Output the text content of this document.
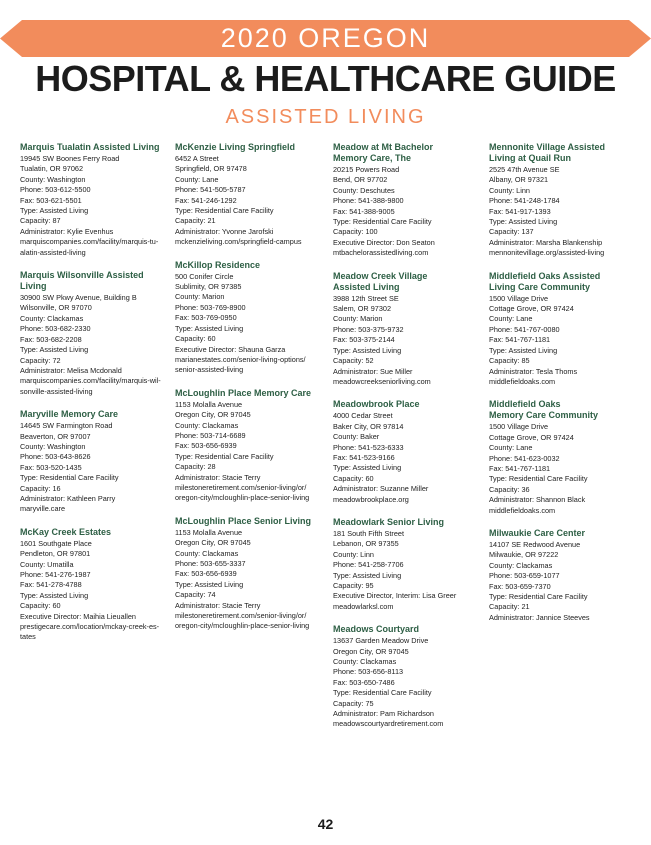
2020 OREGON
HOSPITAL & HEALTHCARE GUIDE
ASSISTED LIVING
Marquis Tualatin Assisted Living
19945 SW Boones Ferry Road
Tualatin, OR 97062
County: Washington
Phone: 503-612-5500
Fax: 503-621-5501
Type: Assisted Living
Capacity: 87
Administrator: Kylie Evenhus
marquiscompanies.com/facility/marquis-tu-
alatin-assisted-living
Marquis Wilsonville Assisted Living
30900 SW Pkwy Avenue, Building B
Wilsonville, OR 97070
County: Clackamas
Phone: 503-682-2330
Fax: 503-682-2208
Type: Assisted Living
Capacity: 72
Administrator: Melisa Mcdonald
marquiscompanies.com/facility/marquis-wil-
sonville-assisted-living
Maryville Memory Care
14645 SW Farmington Road
Beaverton, OR 97007
County: Washington
Phone: 503-643-8626
Fax: 503-520-1435
Type: Residential Care Facility
Capacity: 16
Administrator: Kathleen Parry
maryville.care
McKay Creek Estates
1601 Southgate Place
Pendleton, OR 97801
County: Umatilla
Phone: 541-276-1987
Fax: 541-278-4788
Type: Assisted Living
Capacity: 60
Executive Director: Maihia Lieuallen
prestigecare.com/location/mckay-creek-es-
tates
McKenzie Living Springfield
6452 A Street
Springfield, OR 97478
County: Lane
Phone: 541-505-5787
Fax: 541-246-1292
Type: Residential Care Facility
Capacity: 21
Administrator: Yvonne Jarofski
mckenzieliving.com/springfield-campus
McKillop Residence
500 Conifer Circle
Sublimity, OR 97385
County: Marion
Phone: 503-769-8900
Fax: 503-769-0950
Type: Assisted Living
Capacity: 60
Executive Director: Shauna Garza
marianestates.com/senior-living-options/
senior-assisted-living
McLoughlin Place Memory Care
1153 Molalla Avenue
Oregon City, OR 97045
County: Clackamas
Phone: 503-714-6689
Fax: 503-656-6939
Type: Residential Care Facility
Capacity: 28
Administrator: Stacie Terry
milestoneretirement.com/senior-living/or/
oregon-city/mcloughlin-place-senior-living
McLoughlin Place Senior Living
1153 Molalla Avenue
Oregon City, OR 97045
County: Clackamas
Phone: 503-655-3337
Fax: 503-656-6939
Type: Assisted Living
Capacity: 74
Administrator: Stacie Terry
milestoneretirement.com/senior-living/or/
oregon-city/mcloughlin-place-senior-living
Meadow at Mt Bachelor
Memory Care, The
20215 Powers Road
Bend, OR 97702
County: Deschutes
Phone: 541-388-9800
Fax: 541-388-9005
Type: Residential Care Facility
Capacity: 100
Executive Director: Don Seaton
mtbachelorassistedliving.com
Meadow Creek Village
Assisted Living
3988 12th Street SE
Salem, OR 97302
County: Marion
Phone: 503-375-9732
Fax: 503-375-2144
Type: Assisted Living
Capacity: 52
Administrator: Sue Miller
meadowcreekseniorliving.com
Meadowbrook Place
4000 Cedar Street
Baker City, OR 97814
County: Baker
Phone: 541-523-6333
Fax: 541-523-9166
Type: Assisted Living
Capacity: 60
Administrator: Suzanne Miller
meadowbrookplace.org
Meadowlark Senior Living
181 South Fifth Street
Lebanon, OR 97355
County: Linn
Phone: 541-258-7706
Type: Assisted Living
Capacity: 95
Executive Director, Interim: Lisa Greer
meadowlarksl.com
Meadows Courtyard
13637 Garden Meadow Drive
Oregon City, OR 97045
County: Clackamas
Phone: 503-656-8113
Fax: 503-650-7486
Type: Residential Care Facility
Capacity: 75
Administrator: Pam Richardson
meadowscourtyardretirement.com
Mennonite Village Assisted
Living at Quail Run
2525 47th Avenue SE
Albany, OR 97321
County: Linn
Phone: 541-248-1784
Fax: 541-917-1393
Type: Assisted Living
Capacity: 137
Administrator: Marsha Blankenship
mennonitevillage.org/assisted-living
Middlefield Oaks Assisted
Living Care Community
1500 Village Drive
Cottage Grove, OR 97424
County: Lane
Phone: 541-767-0080
Fax: 541-767-1181
Type: Assisted Living
Capacity: 85
Administrator: Tesla Thoms
middlefieldoaks.com
Middlefield Oaks
Memory Care Community
1500 Village Drive
Cottage Grove, OR 97424
County: Lane
Phone: 541-623-0032
Fax: 541-767-1181
Type: Residential Care Facility
Capacity: 36
Administrator: Shannon Black
middlefieldoaks.com
Milwaukie Care Center
14107 SE Redwood Avenue
Milwaukie, OR 97222
County: Clackamas
Phone: 503-659-1077
Fax: 503-659-7370
Type: Residential Care Facility
Capacity: 21
Administrator: Jannice Steeves
42
